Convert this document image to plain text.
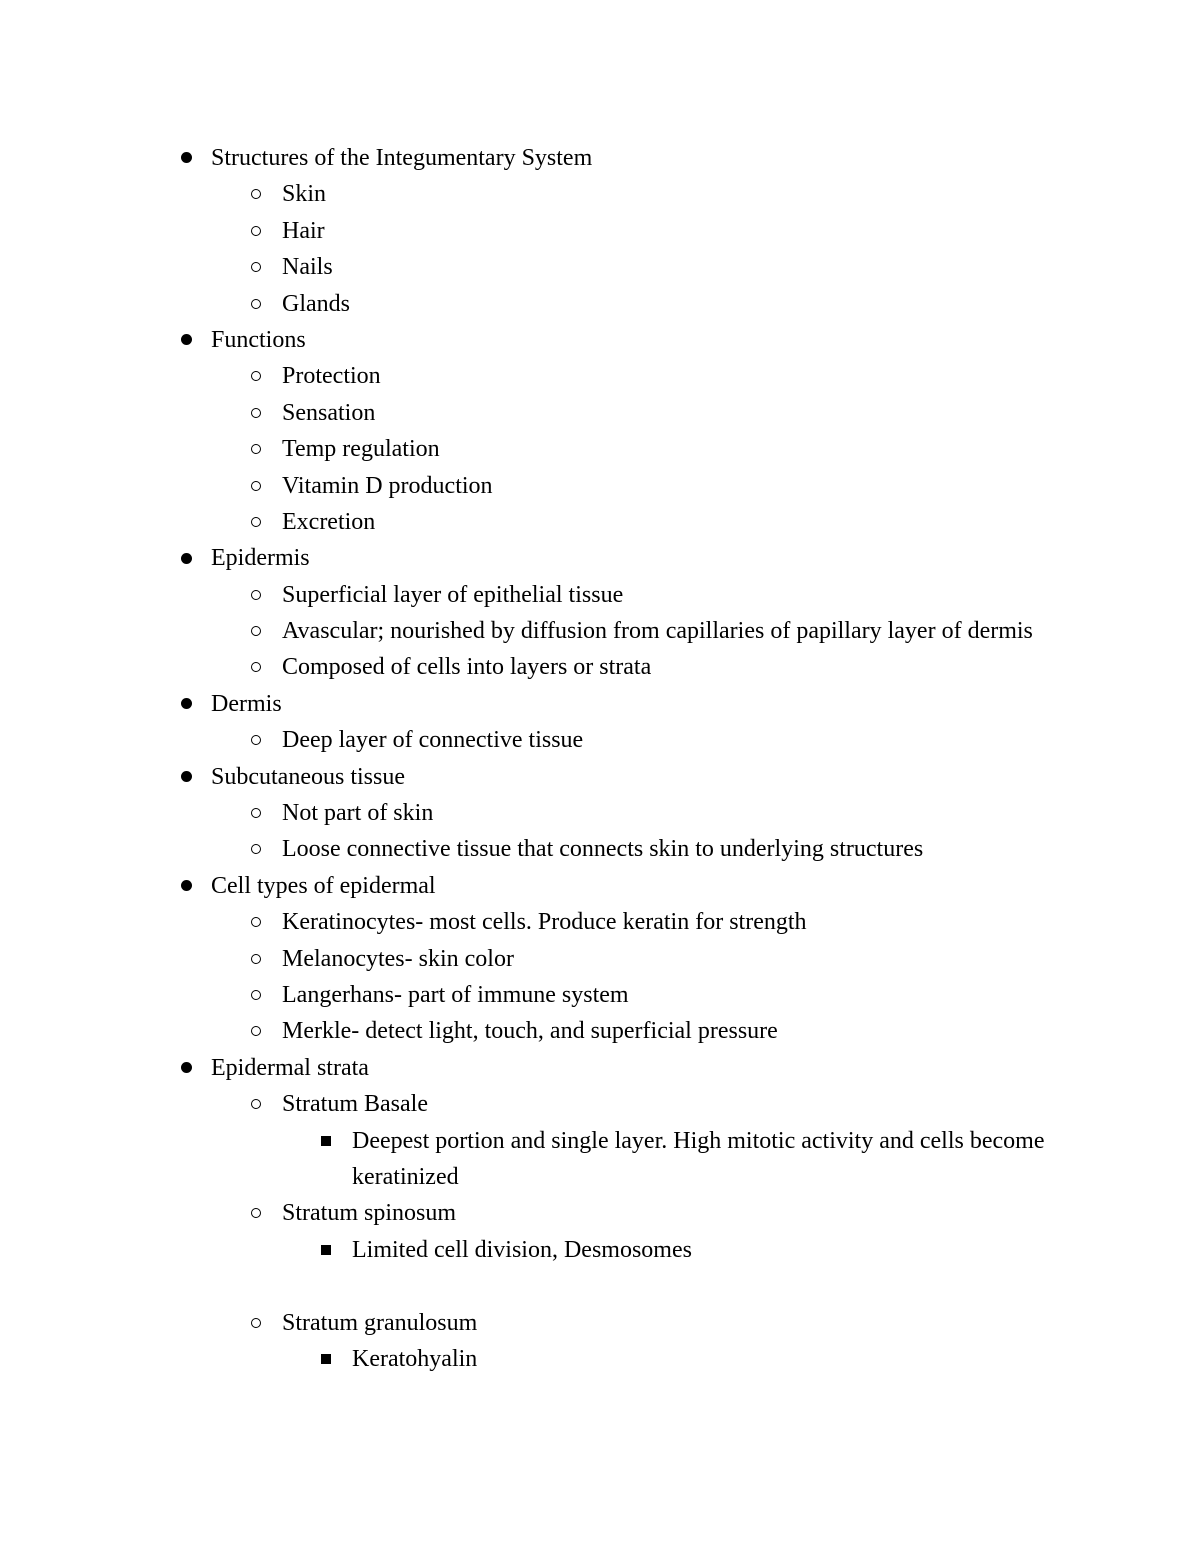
Structures of the Integumentary System
Skin
Hair
Nails
Glands
Functions
Protection
Sensation
Temp regulation
Vitamin D production
Excretion
Epidermis
Superficial layer of epithelial tissue
Avascular; nourished by diffusion from capillaries of papillary layer of dermis
Composed of cells into layers or strata
Dermis
Deep layer of connective tissue
Subcutaneous tissue
Not part of skin
Loose connective tissue that connects skin to underlying structures
Cell types of epidermal
Keratinocytes- most cells. Produce keratin for strength
Melanocytes- skin color
Langerhans- part of immune system
Merkle- detect light, touch, and superficial pressure
Epidermal strata
Stratum Basale
Deepest portion and single layer. High mitotic activity and cells become keratinized
Stratum spinosum
Limited cell division, Desmosomes
Stratum granulosum
Keratohyalin
